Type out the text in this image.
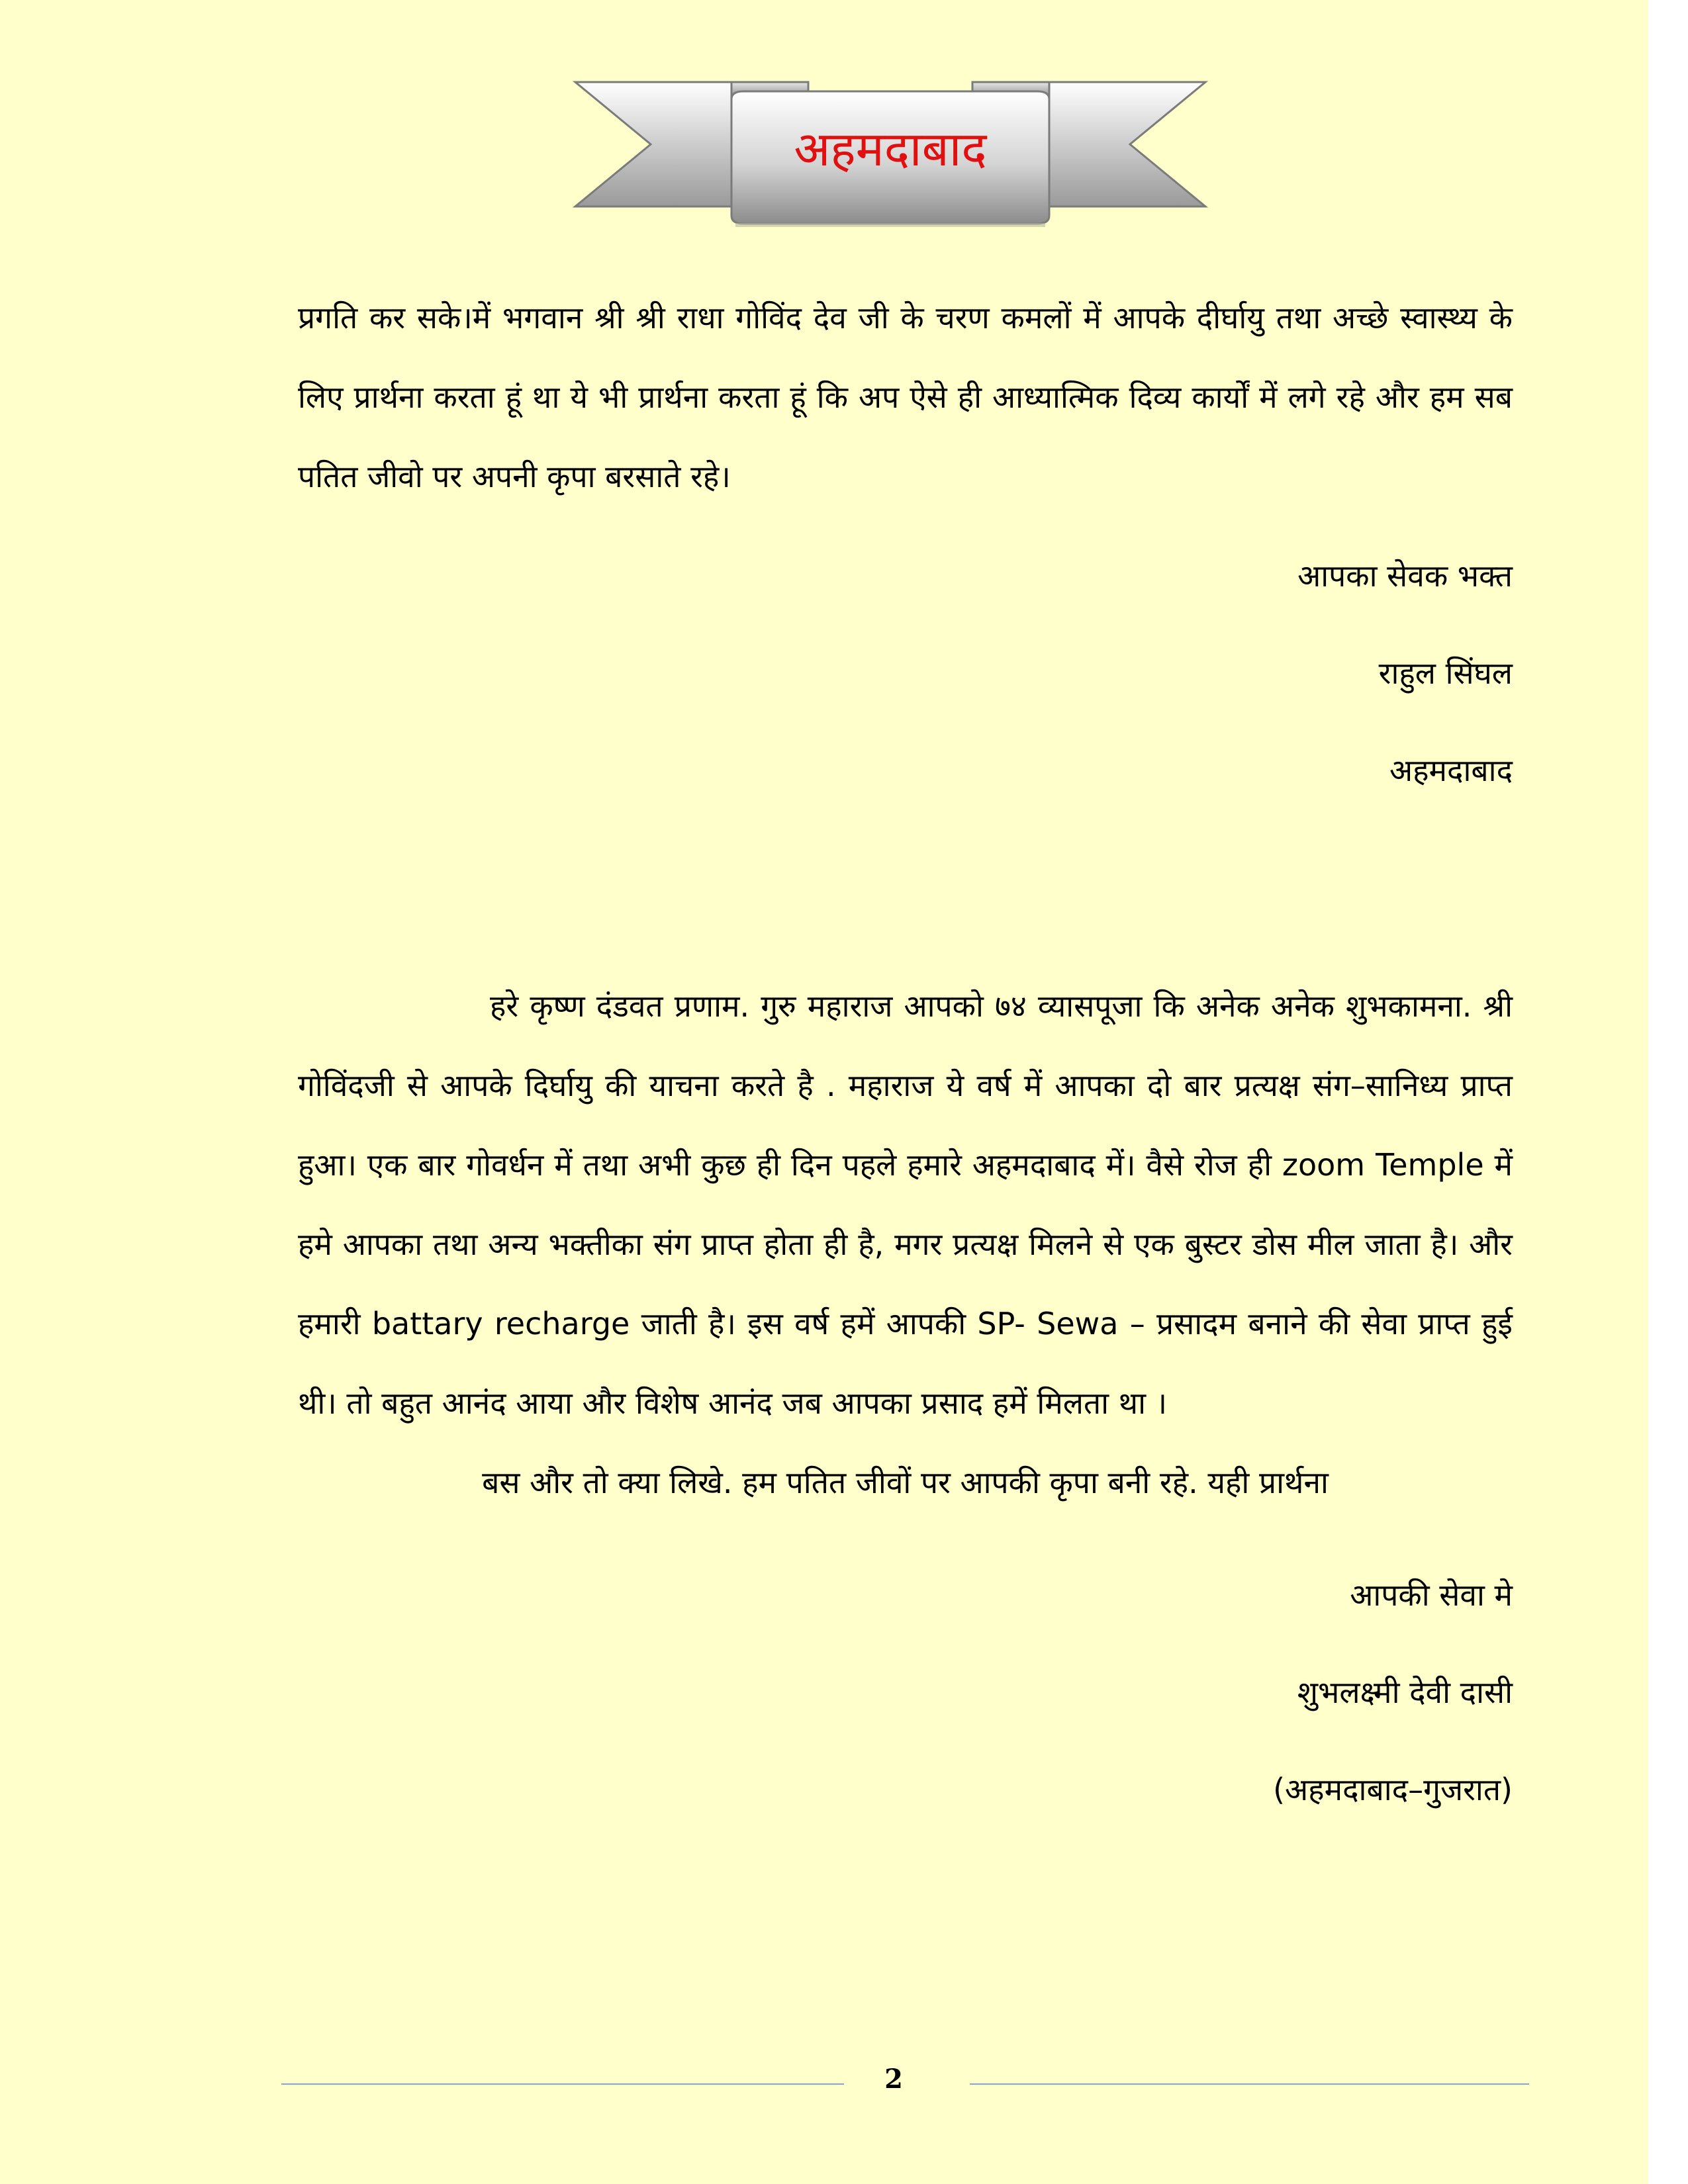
अहमदाबाद

प्रगति कर सके।में भगवान श्री श्री राधा गोविंद देव जी के चरण कमलों में आपके दीर्घायु तथा अच्छे स्वास्थ्य के लिए प्रार्थना करता हूं था ये भी प्रार्थना करता हूं कि अप ऐसे ही आध्यात्मिक दिव्य कार्यों में लगे रहे और हम सब पतित जीवो पर अपनी कृपा बरसाते रहे।

आपका सेवक भक्त
राहुल सिंघल
अहमदाबाद

हरे कृष्ण दंडवत प्रणाम. गुरु महाराज आपको ७४ व्यासपूजा कि अनेक अनेक शुभकामना. श्री गोविंदजी से आपके दिर्घायु की याचना करते है . महाराज ये वर्ष में आपका दो बार प्रत्यक्ष संग–सानिध्य प्राप्त हुआ। एक बार गोवर्धन में तथा अभी कुछ ही दिन पहले हमारे अहमदाबाद में। वैसे रोज ही zoom Temple में हमे आपका तथा अन्य भक्तीका संग प्राप्त होता ही है, मगर प्रत्यक्ष मिलने से एक बुस्टर डोस मील जाता है। और हमारी battary recharge जाती है। इस वर्ष हमें आपकी SP- Sewa – प्रसादम बनाने की सेवा प्राप्त हुई थी। तो बहुत आनंद आया और विशेष आनंद जब आपका प्रसाद हमें मिलता था ।

बस और तो क्या लिखे. हम पतित जीवों पर आपकी कृपा बनी रहे. यही प्रार्थना

आपकी सेवा मे
शुभलक्ष्मी देवी दासी
(अहमदाबाद–गुजरात)
2
